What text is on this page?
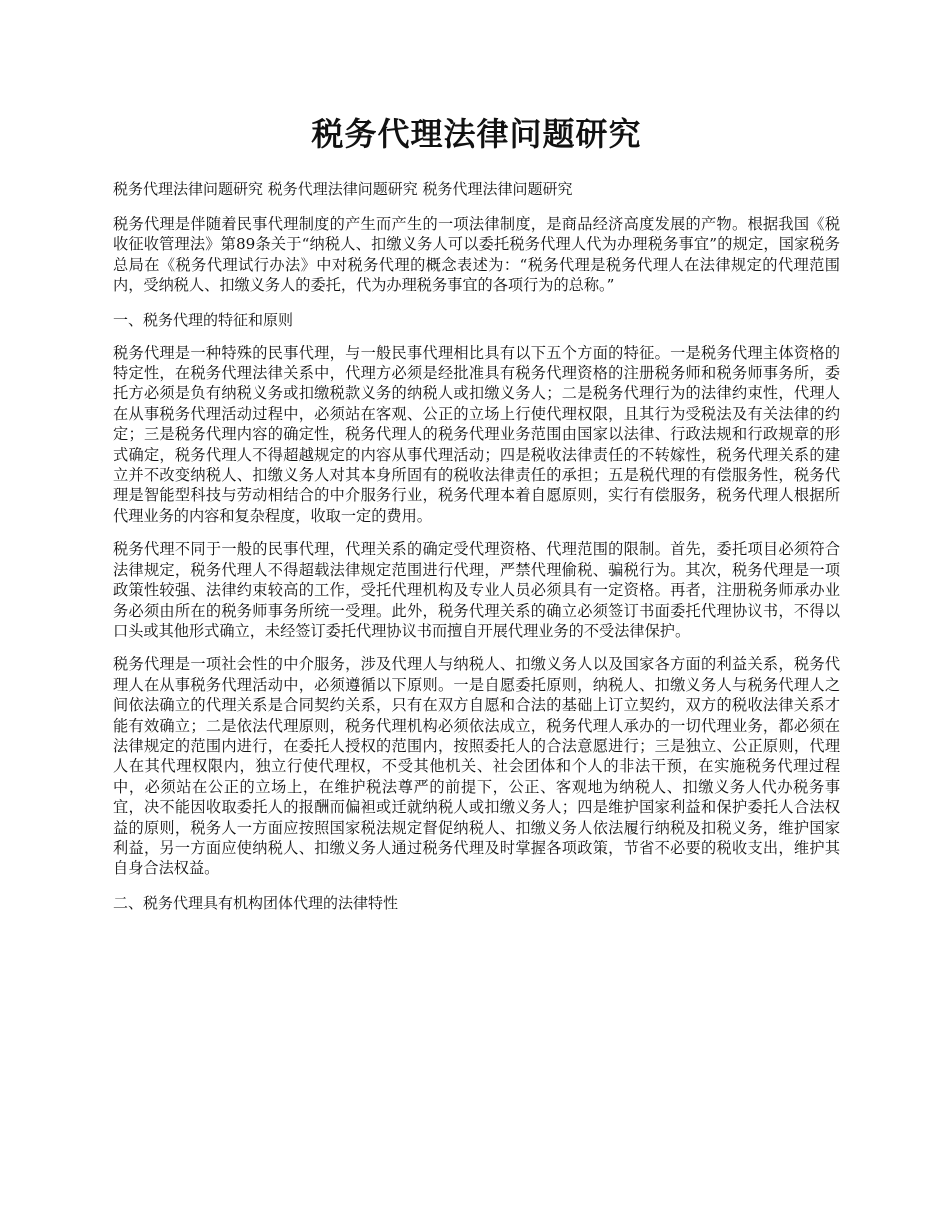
税务代理法律问题研究

税务代理法律问题研究 税务代理法律问题研究 税务代理法律问题研究

税务代理是伴随着民事代理制度的产生而产生的一项法律制度，是商品经济高度发展的产物。根据我国《税收征收管理法》第89条关于“纳税人、扣缴义务人可以委托税务代理人代为办理税务事宜”的规定，国家税务总局在《税务代理试行办法》中对税务代理的概念表述为：“税务代理是税务代理人在法律规定的代理范围内，受纳税人、扣缴义务人的委托，代为办理税务事宜的各项行为的总称。”

一、税务代理的特征和原则

税务代理是一种特殊的民事代理，与一般民事代理相比具有以下五个方面的特征。一是税务代理主体资格的特定性，在税务代理法律关系中，代理方必须是经批准具有税务代理资格的注册税务师和税务师事务所，委托方必须是负有纳税义务或扣缴税款义务的纳税人或扣缴义务人；二是税务代理行为的法律约束性，代理人在从事税务代理活动过程中，必须站在客观、公正的立场上行使代理权限，且其行为受税法及有关法律的约定；三是税务代理内容的确定性，税务代理人的税务代理业务范围由国家以法律、行政法规和行政规章的形式确定，税务代理人不得超越规定的内容从事代理活动；四是税收法律责任的不转嫁性，税务代理关系的建立并不改变纳税人、扣缴义务人对其本身所固有的税收法律责任的承担；五是税代理的有偿服务性，税务代理是智能型科技与劳动相结合的中介服务行业，税务代理本着自愿原则，实行有偿服务，税务代理人根据所代理业务的内容和复杂程度，收取一定的费用。

税务代理不同于一般的民事代理，代理关系的确定受代理资格、代理范围的限制。首先，委托项目必须符合法律规定，税务代理人不得超载法律规定范围进行代理，严禁代理偷税、骗税行为。其次，税务代理是一项政策性较强、法律约束较高的工作，受托代理机构及专业人员必须具有一定资格。再者，注册税务师承办业务必须由所在的税务师事务所统一受理。此外，税务代理关系的确立必须签订书面委托代理协议书，不得以口头或其他形式确立，未经签订委托代理协议书而擅自开展代理业务的不受法律保护。

税务代理是一项社会性的中介服务，涉及代理人与纳税人、扣缴义务人以及国家各方面的利益关系，税务代理人在从事税务代理活动中，必须遵循以下原则。一是自愿委托原则，纳税人、扣缴义务人与税务代理人之间依法确立的代理关系是合同契约关系，只有在双方自愿和合法的基础上订立契约，双方的税收法律关系才能有效确立；二是依法代理原则，税务代理机构必须依法成立，税务代理人承办的一切代理业务，都必须在法律规定的范围内进行，在委托人授权的范围内，按照委托人的合法意愿进行；三是独立、公正原则，代理人在其代理权限内，独立行使代理权，不受其他机关、社会团体和个人的非法干预，在实施税务代理过程中，必须站在公正的立场上，在维护税法尊严的前提下，公正、客观地为纳税人、扣缴义务人代办税务事宜，决不能因收取委托人的报酬而偏袒或迁就纳税人或扣缴义务人；四是维护国家利益和保护委托人合法权益的原则，税务人一方面应按照国家税法规定督促纳税人、扣缴义务人依法履行纳税及扣税义务，维护国家利益，另一方面应使纳税人、扣缴义务人通过税务代理及时掌握各项政策，节省不必要的税收支出，维护其自身合法权益。

二、税务代理具有机构团体代理的法律特性
